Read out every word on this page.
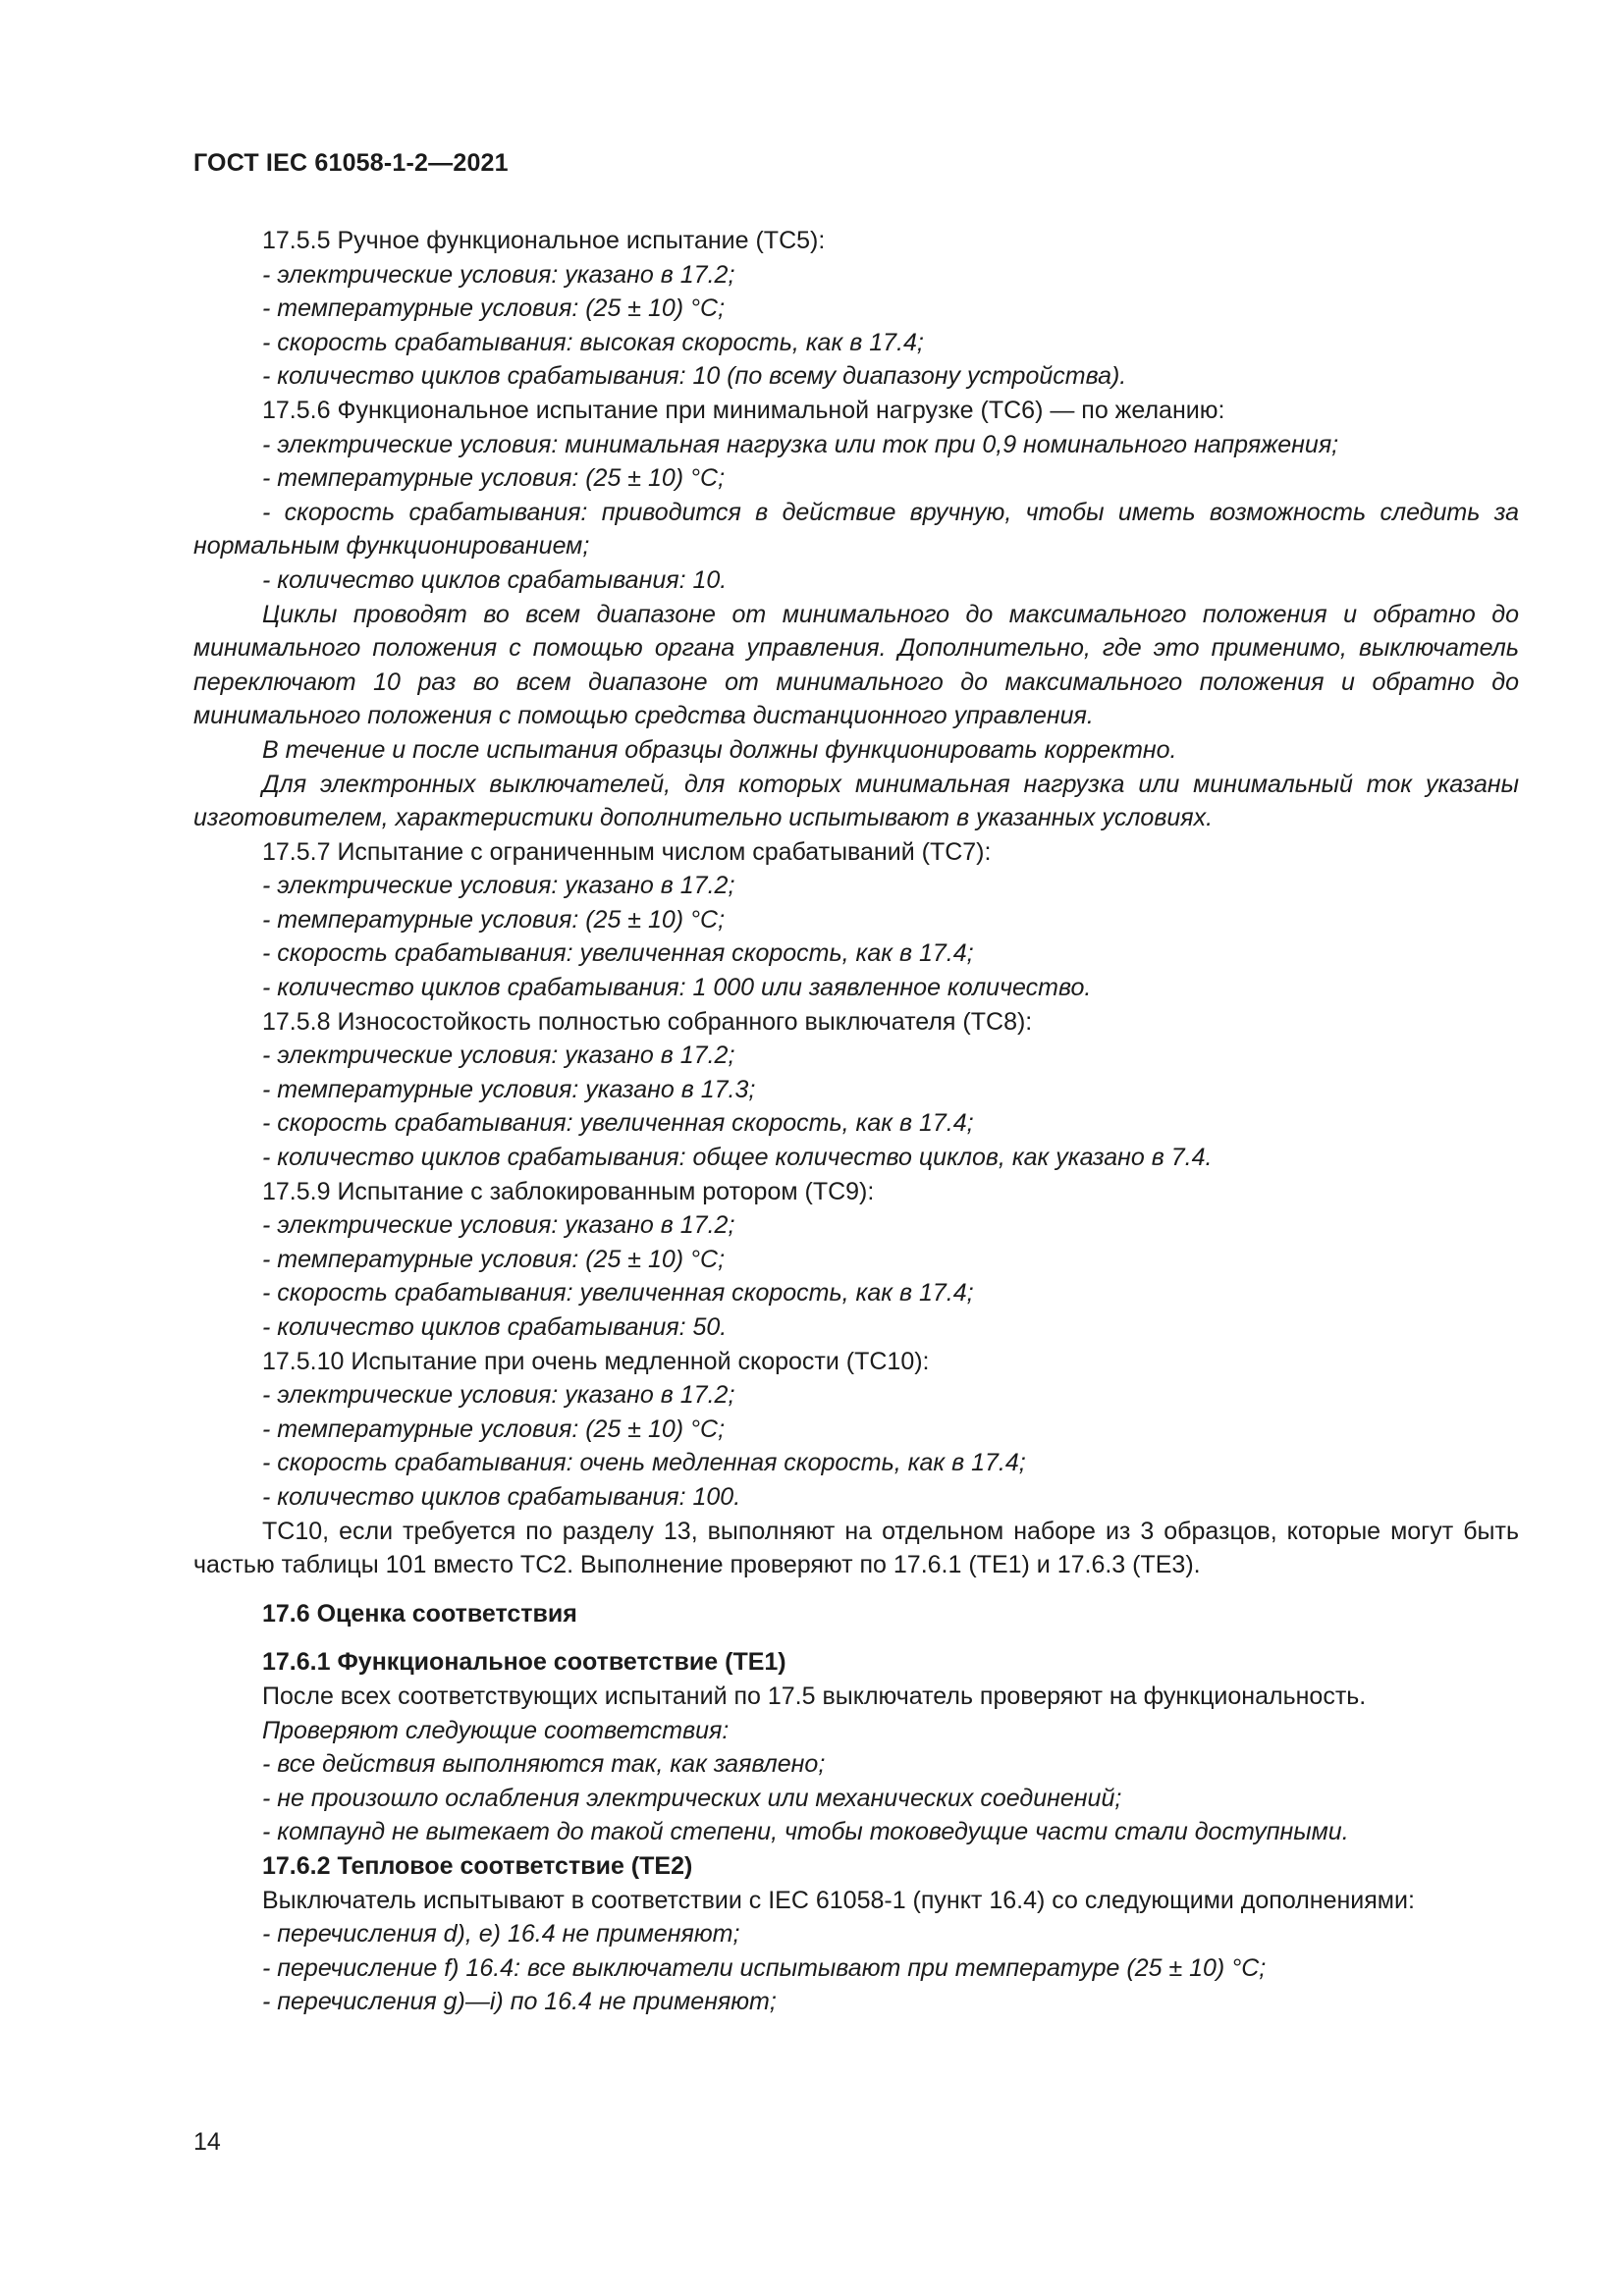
ГОСТ IEC 61058-1-2—2021

17.5.5 Ручное функциональное испытание (ТС5):

- электрические условия: указано в 17.2;

- температурные условия: (25 ± 10) °С;

- скорость срабатывания: высокая скорость, как в 17.4;

- количество циклов срабатывания: 10 (по всему диапазону устройства).

17.5.6 Функциональное испытание при минимальной нагрузке (ТС6) — по желанию:

- электрические условия: минимальная нагрузка или ток при 0,9 номинального напряжения;

- температурные условия: (25 ± 10) °С;

- скорость срабатывания: приводится в действие вручную, чтобы иметь возможность следить за нормальным функционированием;

- количество циклов срабатывания: 10.

Циклы проводят во всем диапазоне от минимального до максимального положения и обратно до минимального положения с помощью органа управления. Дополнительно, где это применимо, выключатель переключают 10 раз во всем диапазоне от минимального до максимального положения и обратно до минимального положения с помощью средства дистанционного управления.

В течение и после испытания образцы должны функционировать корректно.

Для электронных выключателей, для которых минимальная нагрузка или минимальный ток указаны изготовителем, характеристики дополнительно испытывают в указанных условиях.

17.5.7 Испытание с ограниченным числом срабатываний (ТС7):

- электрические условия: указано в 17.2;

- температурные условия: (25 ± 10) °С;

- скорость срабатывания: увеличенная скорость, как в 17.4;

- количество циклов срабатывания: 1 000 или заявленное количество.

17.5.8 Износостойкость полностью собранного выключателя (ТС8):

- электрические условия: указано в 17.2;

- температурные условия: указано в 17.3;

- скорость срабатывания: увеличенная скорость, как в 17.4;

- количество циклов срабатывания: общее количество циклов, как указано в 7.4.

17.5.9 Испытание с заблокированным ротором (ТС9):

- электрические условия: указано в 17.2;

- температурные условия: (25 ± 10) °С;

- скорость срабатывания: увеличенная скорость, как в 17.4;

- количество циклов срабатывания: 50.

17.5.10 Испытание при очень медленной скорости (ТС10):

- электрические условия: указано в 17.2;

- температурные условия: (25 ± 10) °С;

- скорость срабатывания: очень медленная скорость, как в 17.4;

- количество циклов срабатывания: 100.

ТС10, если требуется по разделу 13, выполняют на отдельном наборе из 3 образцов, которые могут быть частью таблицы 101 вместо ТС2. Выполнение проверяют по 17.6.1 (ТЕ1) и 17.6.3 (ТЕ3).

17.6 Оценка соответствия

17.6.1 Функциональное соответствие (ТЕ1)

После всех соответствующих испытаний по 17.5 выключатель проверяют на функциональность.

Проверяют следующие соответствия:

- все действия выполняются так, как заявлено;

- не произошло ослабления электрических или механических соединений;

- компаунд не вытекает до такой степени, чтобы токоведущие части стали доступными.

17.6.2 Тепловое соответствие (ТЕ2)

Выключатель испытывают в соответствии с IEC 61058-1 (пункт 16.4) со следующими дополнениями:

- перечисления d), е) 16.4 не применяют;

- перечисление f) 16.4: все выключатели испытывают при температуре (25 ± 10) °С;

- перечисления g)—i) по 16.4 не применяют;

14
